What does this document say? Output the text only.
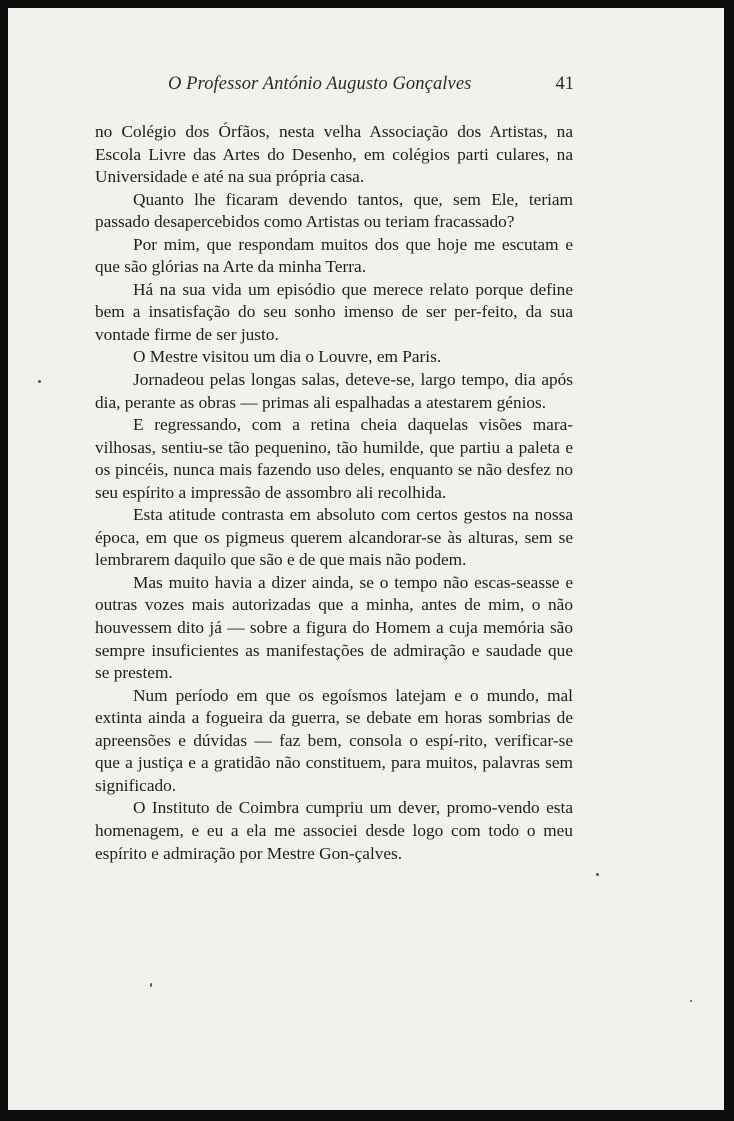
O Professor António Augusto Gonçalves	41

no Colégio dos Órfãos, nesta velha Associação dos Artistas, na Escola Livre das Artes do Desenho, em colégios parti culares, na Universidade e até na sua própria casa.

Quanto lhe ficaram devendo tantos, que, sem Ele, teriam passado desapercebidos como Artistas ou teriam fracassado?

Por mim, que respondam muitos dos que hoje me escutam e que são glórias na Arte da minha Terra.

Há na sua vida um episódio que merece relato porque define bem a insatisfação do seu sonho imenso de ser per-feito, da sua vontade firme de ser justo.

O Mestre visitou um dia o Louvre, em Paris.

Jornadeou pelas longas salas, deteve-se, largo tempo, dia após dia, perante as obras — primas ali espalhadas a atestarem génios.

E regressando, com a retina cheia daquelas visões mara-vilhosas, sentiu-se tão pequenino, tão humilde, que partiu a paleta e os pincéis, nunca mais fazendo uso deles, enquanto se não desfez no seu espírito a impressão de assombro ali recolhida.

Esta atitude contrasta em absoluto com certos gestos na nossa época, em que os pigmeus querem alcandorar-se às alturas, sem se lembrarem daquilo que são e de que mais não podem.

Mas muito havia a dizer ainda, se o tempo não escas-seasse e outras vozes mais autorizadas que a minha, antes de mim, o não houvessem dito já — sobre a figura do Homem a cuja memória são sempre insuficientes as manifestações de admiração e saudade que se prestem.

Num período em que os egoísmos latejam e o mundo, mal extinta ainda a fogueira da guerra, se debate em horas sombrias de apreensões e dúvidas — faz bem, consola o espí-rito, verificar-se que a justiça e a gratidão não constituem, para muitos, palavras sem significado.

O Instituto de Coimbra cumpriu um dever, promo-vendo esta homenagem, e eu a ela me associei desde logo com todo o meu espírito e admiração por Mestre Gon-çalves.
